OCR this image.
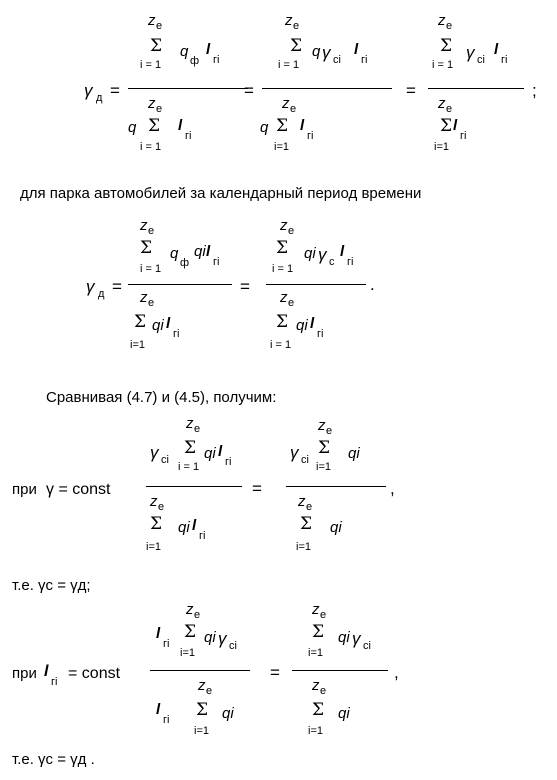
γ д =
z e
Σ
i = 1
q
ф
l
гi
z e
q Σ
i = 1
l
гi
=
z e
Σ
i = 1
q γ ci
l
гi
z e
q Σ
i=1
l
гi
=
z e
Σ
i = 1
γ ci
l
гi
z e
Σ l
гi
i=1
;
для парка автомобилей за календарный период времени
γ д =
z e
Σ
i = 1
q
ф
qi l
гi
z e
Σ qi l
гi
i=1
=
z e
Σ
i = 1
qi γ c
l
гi
z e
Σ qi l
гi
i = 1
.
Сравнивая (4.7) и (4.5), получим:
при γ = const
z e
γ ci
Σ
i = 1
qi l
гi
z e
Σ qi l
гi
i=1
=
z e
γ ci
Σ qi
i=1
z e
Σ qi
i=1
,
т.е. γc = γд;
при l
гi = const
z e
l
гi
Σ
i=1
qi γ ci
z e
l
гi Σ qi
i=1
=
z e
Σ
i=1
qi γ ci
z e
Σ qi
i=1
,
т.е. γc = γд .
